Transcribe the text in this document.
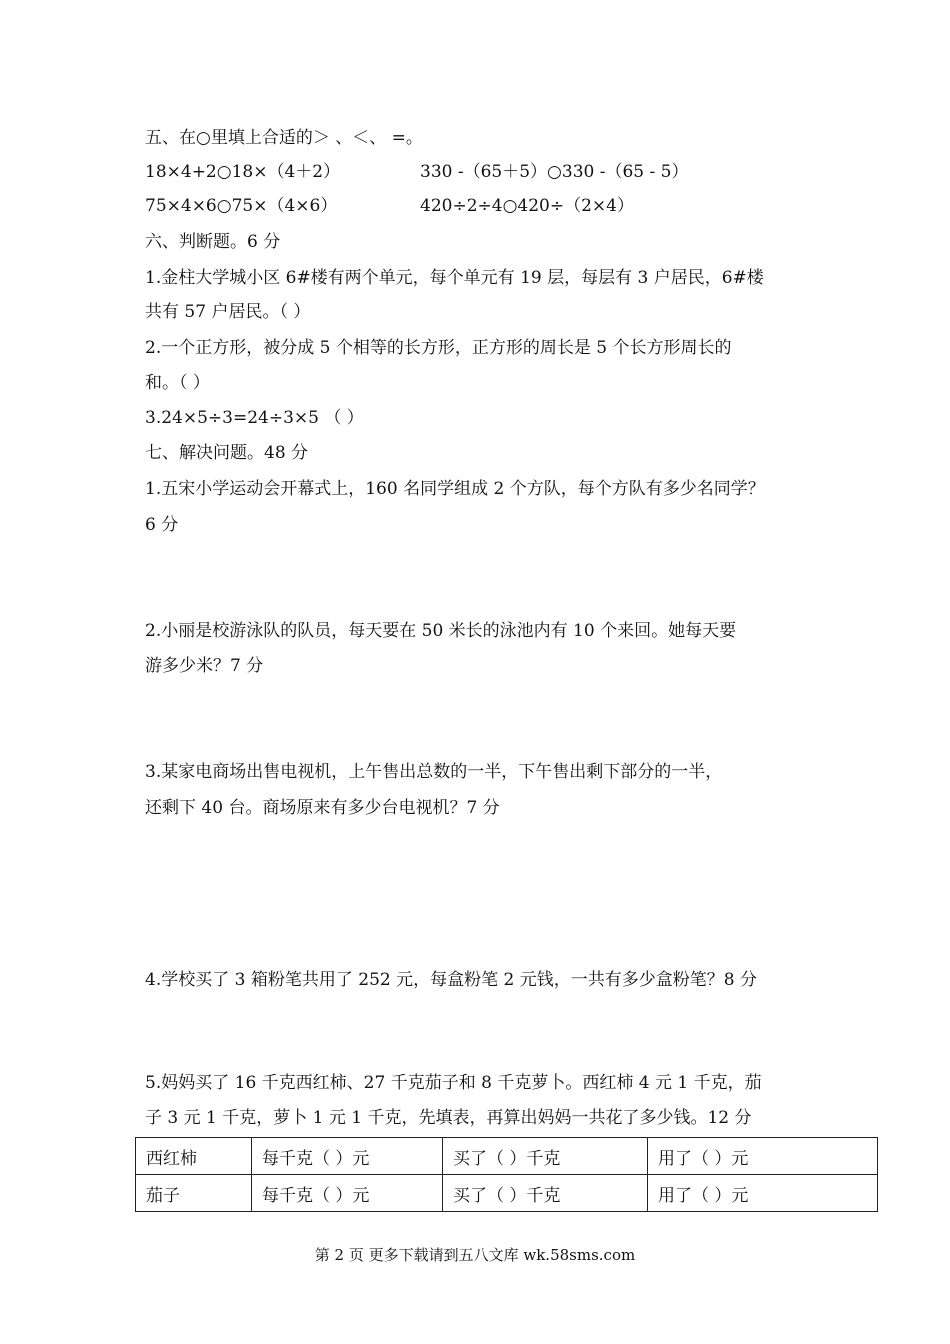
五、在○里填上合适的＞ 、＜、 =。
18×4+2○18×（4＋2）	330 -（65＋5）○330 -（65 - 5）
75×4×6○75×（4×6）	420÷2÷4○420÷（2×4）
六、判断题。6 分
1.金柱大学城小区 6#楼有两个单元，每个单元有 19 层，每层有 3 户居民，6#楼
共有 57 户居民。（ ）
2.一个正方形，被分成 5 个相等的长方形，正方形的周长是 5 个长方形周长的
和。（ ）
3.24×5÷3=24÷3×5 （ ）
七、解决问题。48 分
1.五宋小学运动会开幕式上，160 名同学组成 2 个方队，每个方队有多少名同学？
6 分
2.小丽是校游泳队的队员，每天要在 50 米长的泳池内有 10 个来回。她每天要
游多少米？7 分
3.某家电商场出售电视机，上午售出总数的一半，下午售出剩下部分的一半，
还剩下 40 台。商场原来有多少台电视机？7 分
4.学校买了 3 箱粉笔共用了 252 元，每盒粉笔 2 元钱，一共有多少盒粉笔？8 分
5.妈妈买了 16 千克西红柿、27 千克茄子和 8 千克萝卜。西红柿 4 元 1 千克，茄
子 3 元 1 千克，萝卜 1 元 1 千克，先填表，再算出妈妈一共花了多少钱。12 分
西红柿	每千克（ ）元	买了（ ）千克	用了（ ）元
茄子	每千克（ ）元	买了（ ）千克	用了（ ）元
第 2 页 更多下载请到五八文库 wk.58sms.com
